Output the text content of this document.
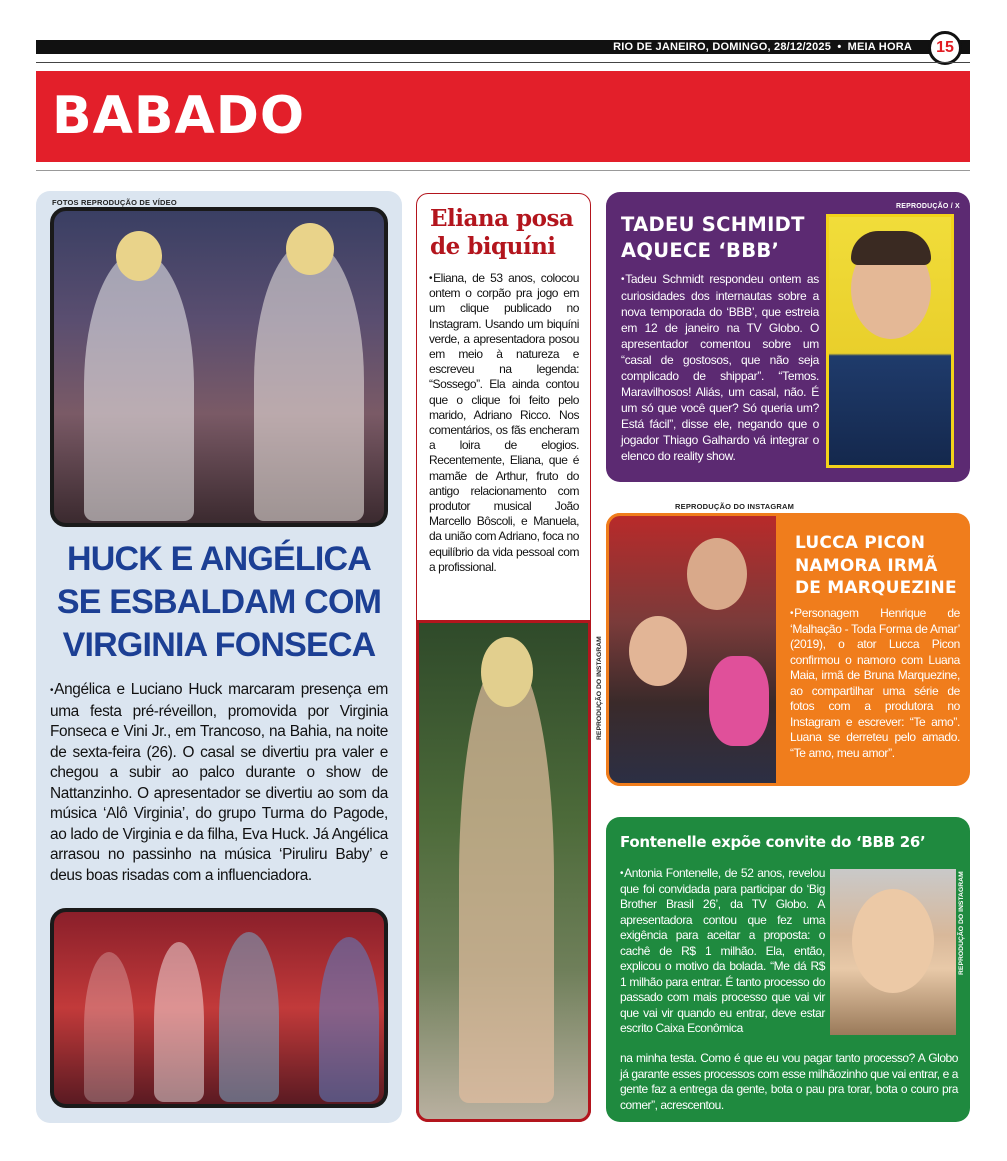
RIO DE JANEIRO, DOMINGO, 28/12/2025 • MEIA HORA	15
BABADO
FOTOS REPRODUÇÃO DE VÍDEO
HUCK E ANGÉLICA SE ESBALDAM COM VIRGINIA FONSECA
•Angélica e Luciano Huck marcaram presença em uma festa pré-réveillon, promovida por Virginia Fonseca e Vini Jr., em Trancoso, na Bahia, na noite de sexta-feira (26). O casal se divertiu pra valer e chegou a subir ao palco durante o show de Nattanzinho. O apresentador se divertiu ao som da música ‘Alô Virginia’, do grupo Turma do Pagode, ao lado de Virginia e da filha, Eva Huck. Já Angélica arrasou no passinho na música ‘Piruliru Baby’ e deus boas risadas com a influenciadora.
Eliana posa de biquíni
•Eliana, de 53 anos, colocou ontem o corpão pra jogo em um clique publicado no Instagram. Usando um biquíni verde, a apresentadora posou em meio à natureza e escreveu na legenda: “Sossego”. Ela ainda contou que o clique foi feito pelo marido, Adriano Ricco. Nos comentários, os fãs encheram a loira de elogios. Recentemente, Eliana, que é mamãe de Arthur, fruto do antigo relacionamento com produtor musical João Marcello Bôscoli, e Manuela, da união com Adriano, foca no equilíbrio da vida pessoal com a profissional.
REPRODUÇÃO DO INSTAGRAM
TADEU SCHMIDT AQUECE ‘BBB’
REPRODUÇÃO / X
•Tadeu Schmidt respondeu ontem as curiosidades dos internautas sobre a nova temporada do ‘BBB’, que estreia em 12 de janeiro na TV Globo. O apresentador comentou sobre um “casal de gostosos, que não seja complicado de shippar”. “Temos. Maravilhosos! Aliás, um casal, não. É um só que você quer? Só queria um? Está fácil”, disse ele, negando que o jogador Thiago Galhardo vá integrar o elenco do reality show.
REPRODUÇÃO DO INSTAGRAM
LUCCA PICON NAMORA IRMÃ DE MARQUEZINE
•Personagem Henrique de ‘Malhação - Toda Forma de Amar’ (2019), o ator Lucca Picon confirmou o namoro com Luana Maia, irmã de Bruna Marquezine, ao compartilhar uma série de fotos com a produtora no Instagram e escrever: “Te amo”. Luana se derreteu pelo amado. “Te amo, meu amor”.
Fontenelle expõe convite do ‘BBB 26’
•Antonia Fontenelle, de 52 anos, revelou que foi convidada para participar do ‘Big Brother Brasil 26’, da TV Globo. A apresentadora contou que fez uma exigência para aceitar a proposta: o cachê de R$ 1 milhão. Ela, então, explicou o motivo da bolada. “Me dá R$ 1 milhão para entrar. É tanto processo do passado com mais processo que vai vir que vai vir quando eu entrar, deve estar escrito Caixa Econômica
REPRODUÇÃO DO INSTAGRAM
na minha testa. Como é que eu vou pagar tanto processo? A Globo já garante esses processos com esse milhãozinho que vai entrar, e a gente faz a entrega da gente, bota o pau pra torar, bota o couro pra comer”, acrescentou.
